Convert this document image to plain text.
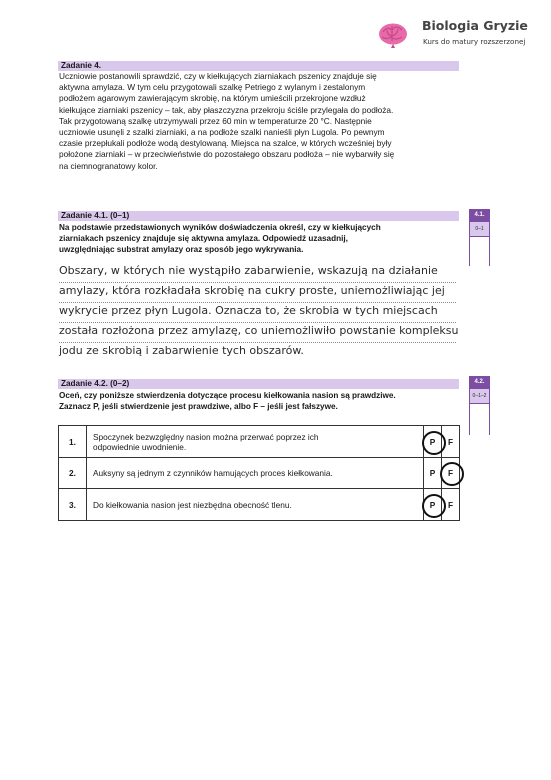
Biologia Gryzie
Kurs do matury rozszerzonej
Zadanie 4.
Uczniowie postanowili sprawdzić, czy w kiełkujących ziarniakach pszenicy znajduje się
aktywna amylaza. W tym celu przygotowali szalkę Petriego z wylanym i zestalonym
podłożem agarowym zawierającym skrobię, na którym umieścili przekrojone wzdłuż
kiełkujące ziarniaki pszenicy – tak, aby płaszczyzna przekroju ściśle przylegała do podłoża.
Tak przygotowaną szalkę utrzymywali przez 60 min w temperaturze 20 °C. Następnie
uczniowie usunęli z szalki ziarniaki, a na podłoże szalki nanieśli płyn Lugola. Po pewnym
czasie przepłukali podłoże wodą destylowaną. Miejsca na szalce, w których wcześniej były
położone ziarniaki – w przeciwieństwie do pozostałego obszaru podłoża – nie wybarwiły się
na ciemnogranatowy kolor.
Zadanie 4.1. (0–1)
Na podstawie przedstawionych wyników doświadczenia określ, czy w kiełkujących
ziarniakach pszenicy znajduje się aktywna amylaza. Odpowiedź uzasadnij,
uwzględniając substrat amylazy oraz sposób jego wykrywania.
4.1.
0–1
Obszary, w których nie wystąpiło zabarwienie, wskazują na działanie
amylazy, która rozkładała skrobię na cukry proste, uniemożliwiając jej
wykrycie przez płyn Lugola. Oznacza to, że skrobia w tych miejscach
została rozłożona przez amylazę, co uniemożliwiło powstanie kompleksu
jodu ze skrobią i zabarwienie tych obszarów.
Zadanie 4.2. (0–2)
Oceń, czy poniższe stwierdzenia dotyczące procesu kiełkowania nasion są prawdziwe.
Zaznacz P, jeśli stwierdzenie jest prawdziwe, albo F – jeśli jest fałszywe.
4.2.
0–1–2
1.	Spoczynek bezwzględny nasion można przerwać poprzez ich
odpowiednie uwodnienie.	P	F
2.	Auksyny są jednym z czynników hamujących proces kiełkowania.	P	F
3.	Do kiełkowania nasion jest niezbędna obecność tlenu.	P	F
